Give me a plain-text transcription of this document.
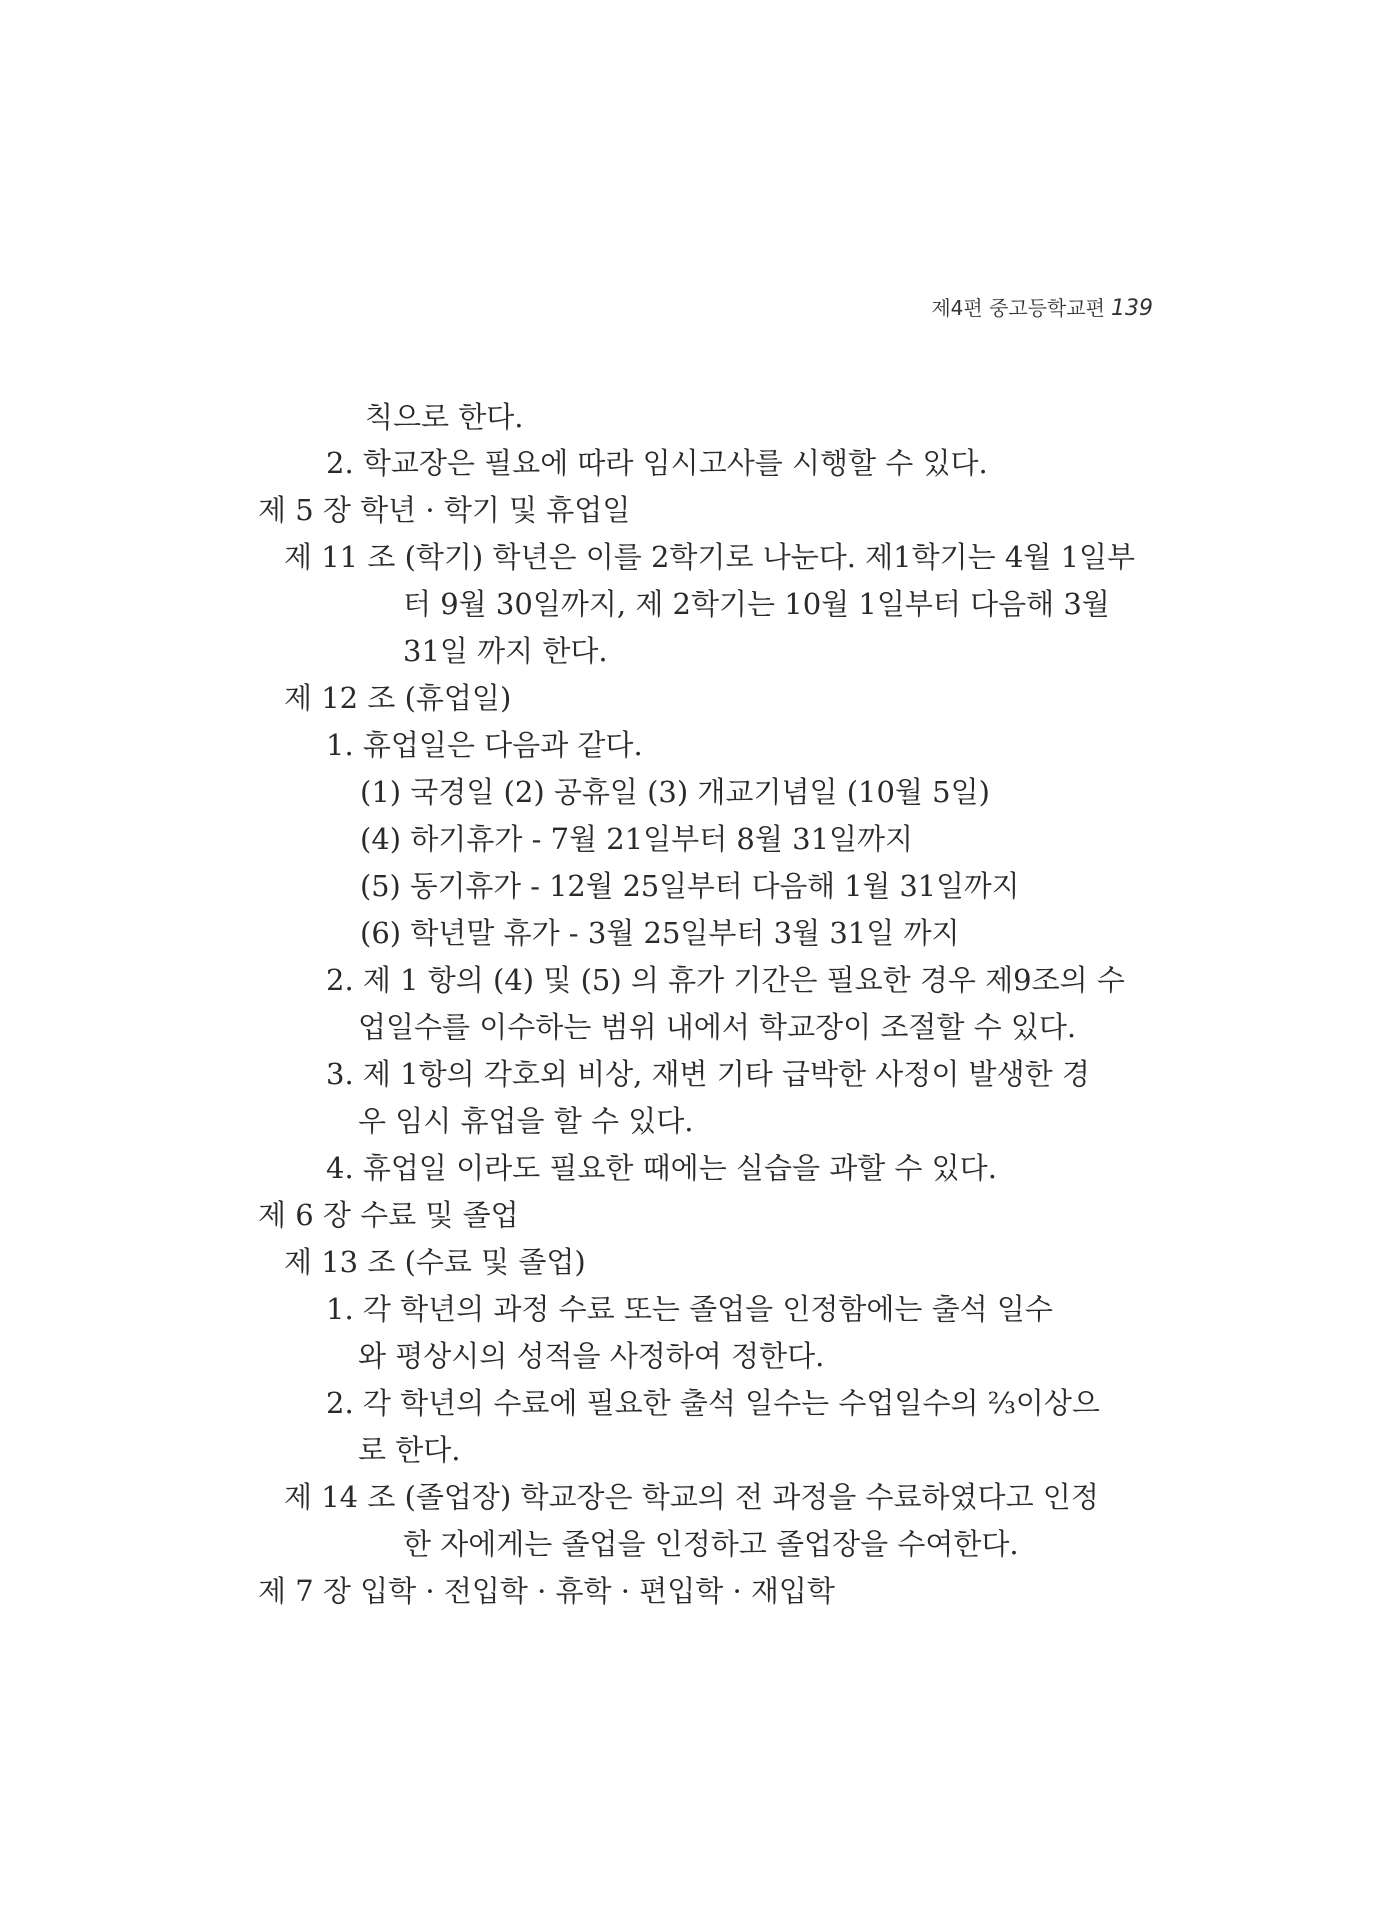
제4편 중고등학교편 139
칙으로 한다.
2. 학교장은 필요에 따라 임시고사를 시행할 수 있다.
제 5 장 학년 · 학기 및 휴업일
제 11 조 (학기) 학년은 이를 2학기로 나눈다. 제1학기는 4월 1일부
터 9월 30일까지, 제 2학기는 10월 1일부터 다음해 3월
31일 까지 한다.
제 12 조 (휴업일)
1. 휴업일은 다음과 같다.
(1) 국경일 (2) 공휴일 (3) 개교기념일 (10월 5일)
(4) 하기휴가 - 7월 21일부터 8월 31일까지
(5) 동기휴가 - 12월 25일부터 다음해 1월 31일까지
(6) 학년말 휴가 - 3월 25일부터 3월 31일 까지
2. 제 1 항의 (4) 및 (5) 의 휴가 기간은 필요한 경우 제9조의 수
업일수를 이수하는 범위 내에서 학교장이 조절할 수 있다.
3. 제 1항의 각호외 비상, 재변 기타 급박한 사정이 발생한 경
우 임시 휴업을 할 수 있다.
4. 휴업일 이라도 필요한 때에는 실습을 과할 수 있다.
제 6 장 수료 및 졸업
제 13 조 (수료 및 졸업)
1. 각 학년의 과정 수료 또는 졸업을 인정함에는 출석 일수
와 평상시의 성적을 사정하여 정한다.
2. 각 학년의 수료에 필요한 출석 일수는 수업일수의 ⅔이상으
로 한다.
제 14 조 (졸업장) 학교장은 학교의 전 과정을 수료하였다고 인정
한 자에게는 졸업을 인정하고 졸업장을 수여한다.
제 7 장 입학 · 전입학 · 휴학 · 편입학 · 재입학
